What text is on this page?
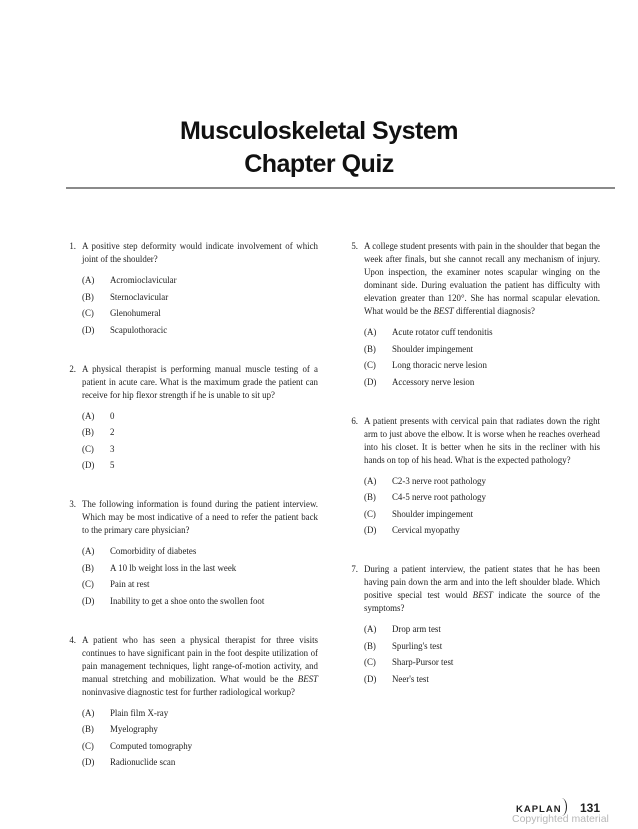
Musculoskeletal System
Chapter Quiz
1. A positive step deformity would indicate involvement of which joint of the shoulder?
(A)	Acromioclavicular
(B)	Sternoclavicular
(C)	Glenohumeral
(D)	Scapulothoracic
2. A physical therapist is performing manual muscle testing of a patient in acute care. What is the maximum grade the patient can receive for hip flexor strength if he is unable to sit up?
(A)	0
(B)	2
(C)	3
(D)	5
3. The following information is found during the patient interview. Which may be most indicative of a need to refer the patient back to the primary care physician?
(A)	Comorbidity of diabetes
(B)	A 10 lb weight loss in the last week
(C)	Pain at rest
(D)	Inability to get a shoe onto the swollen foot
4. A patient who has seen a physical therapist for three visits continues to have significant pain in the foot despite utilization of pain management techniques, light range-of-motion activity, and manual stretching and mobilization. What would be the BEST noninvasive diagnostic test for further radiological workup?
(A)	Plain film X-ray
(B)	Myelography
(C)	Computed tomography
(D)	Radionuclide scan
5. A college student presents with pain in the shoulder that began the week after finals, but she cannot recall any mechanism of injury. Upon inspection, the examiner notes scapular winging on the dominant side. During evaluation the patient has difficulty with elevation greater than 120°. She has normal scapular elevation. What would be the BEST differential diagnosis?
(A)	Acute rotator cuff tendonitis
(B)	Shoulder impingement
(C)	Long thoracic nerve lesion
(D)	Accessory nerve lesion
6. A patient presents with cervical pain that radiates down the right arm to just above the elbow. It is worse when he reaches overhead into his closet. It is better when he sits in the recliner with his hands on top of his head. What is the expected pathology?
(A)	C2-3 nerve root pathology
(B)	C4-5 nerve root pathology
(C)	Shoulder impingement
(D)	Cervical myopathy
7. During a patient interview, the patient states that he has been having pain down the arm and into the left shoulder blade. Which positive special test would BEST indicate the source of the symptoms?
(A)	Drop arm test
(B)	Spurling's test
(C)	Sharp-Pursor test
(D)	Neer's test
KAPLAN 131
Copyrighted material
